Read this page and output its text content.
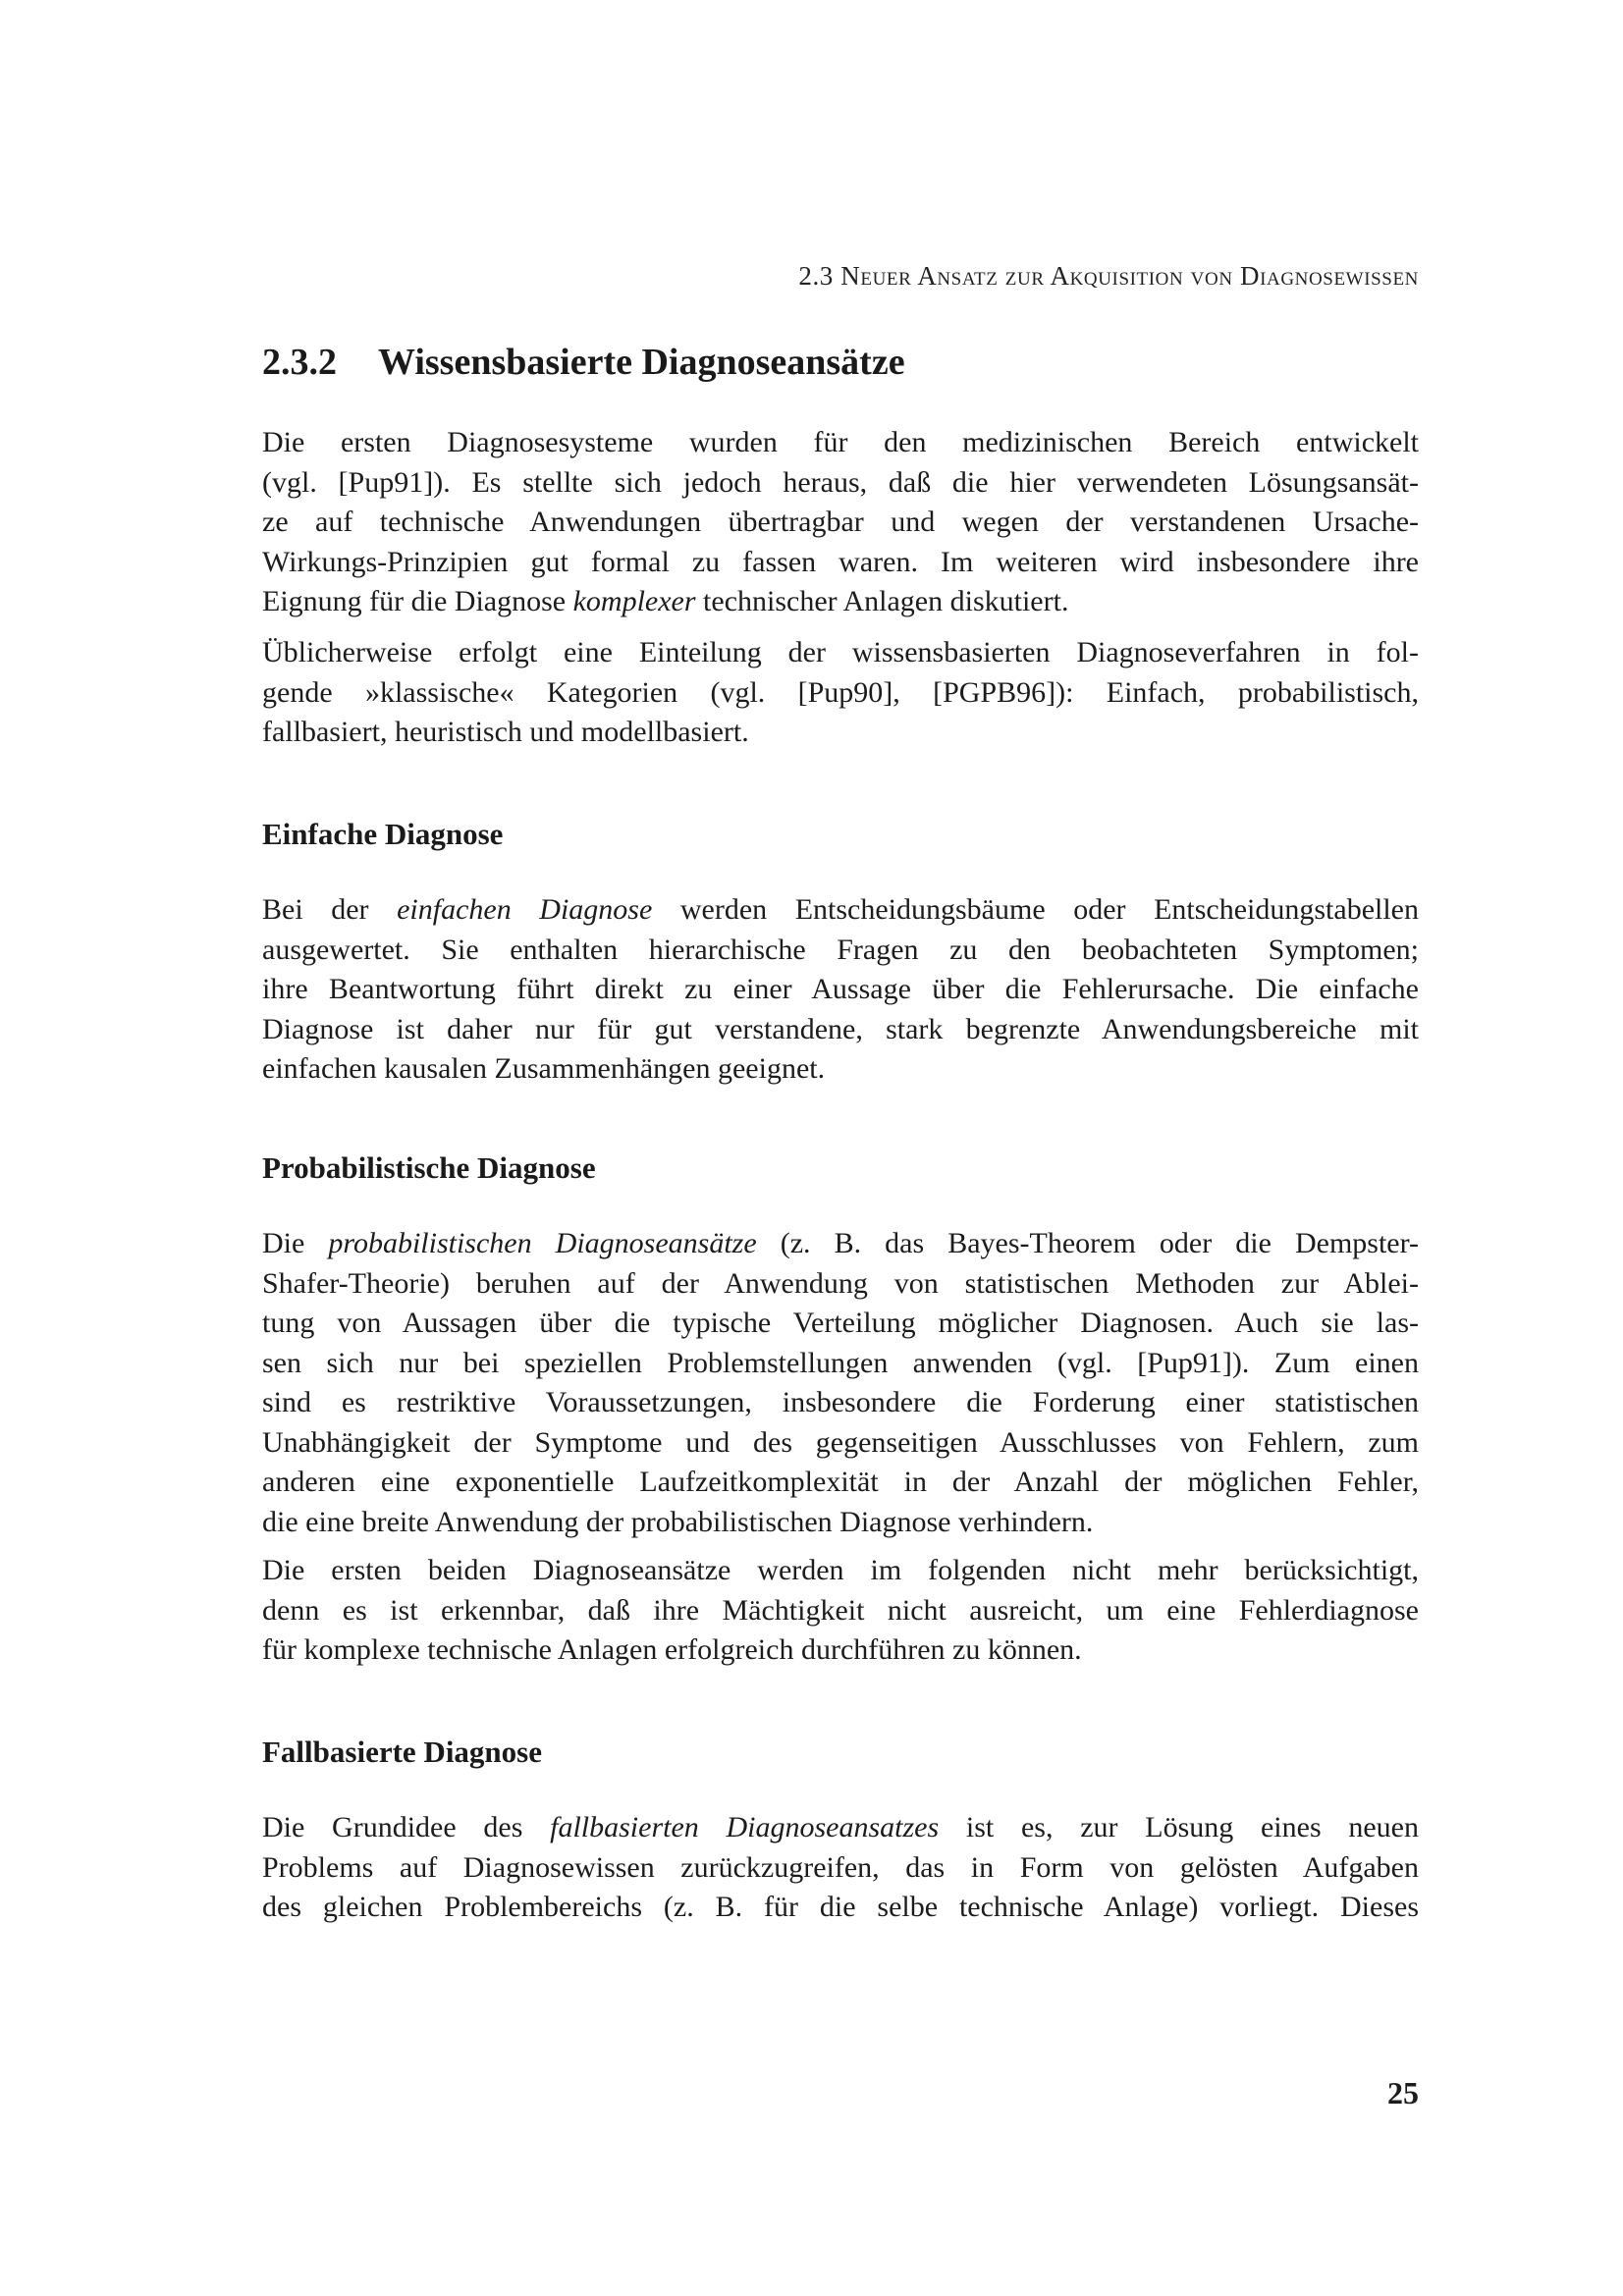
2.3 Neuer Ansatz zur Akquisition von Diagnosewissen
2.3.2 Wissensbasierte Diagnoseansätze

Die ersten Diagnosesysteme wurden für den medizinischen Bereich entwickelt
(vgl. [Pup91]). Es stellte sich jedoch heraus, daß die hier verwendeten Lösungsansät-
ze auf technische Anwendungen übertragbar und wegen der verstandenen Ursache-
Wirkungs-Prinzipien gut formal zu fassen waren. Im weiteren wird insbesondere ihre
Eignung für die Diagnose komplexer technischer Anlagen diskutiert.

Üblicherweise erfolgt eine Einteilung der wissensbasierten Diagnoseverfahren in fol-
gende »klassische« Kategorien (vgl. [Pup90], [PGPB96]): Einfach, probabilistisch,
fallbasiert, heuristisch und modellbasiert.

Einfache Diagnose

Bei der einfachen Diagnose werden Entscheidungsbäume oder Entscheidungstabellen
ausgewertet. Sie enthalten hierarchische Fragen zu den beobachteten Symptomen;
ihre Beantwortung führt direkt zu einer Aussage über die Fehlerursache. Die einfache
Diagnose ist daher nur für gut verstandene, stark begrenzte Anwendungsbereiche mit
einfachen kausalen Zusammenhängen geeignet.

Probabilistische Diagnose

Die probabilistischen Diagnoseansätze (z. B. das Bayes-Theorem oder die Dempster-
Shafer-Theorie) beruhen auf der Anwendung von statistischen Methoden zur Ablei-
tung von Aussagen über die typische Verteilung möglicher Diagnosen. Auch sie las-
sen sich nur bei speziellen Problemstellungen anwenden (vgl. [Pup91]). Zum einen
sind es restriktive Voraussetzungen, insbesondere die Forderung einer statistischen
Unabhängigkeit der Symptome und des gegenseitigen Ausschlusses von Fehlern, zum
anderen eine exponentielle Laufzeitkomplexität in der Anzahl der möglichen Fehler,
die eine breite Anwendung der probabilistischen Diagnose verhindern.

Die ersten beiden Diagnoseansätze werden im folgenden nicht mehr berücksichtigt,
denn es ist erkennbar, daß ihre Mächtigkeit nicht ausreicht, um eine Fehlerdiagnose
für komplexe technische Anlagen erfolgreich durchführen zu können.

Fallbasierte Diagnose

Die Grundidee des fallbasierten Diagnoseansatzes ist es, zur Lösung eines neuen
Problems auf Diagnosewissen zurückzugreifen, das in Form von gelösten Aufgaben
des gleichen Problembereichs (z. B. für die selbe technische Anlage) vorliegt. Dieses

25
